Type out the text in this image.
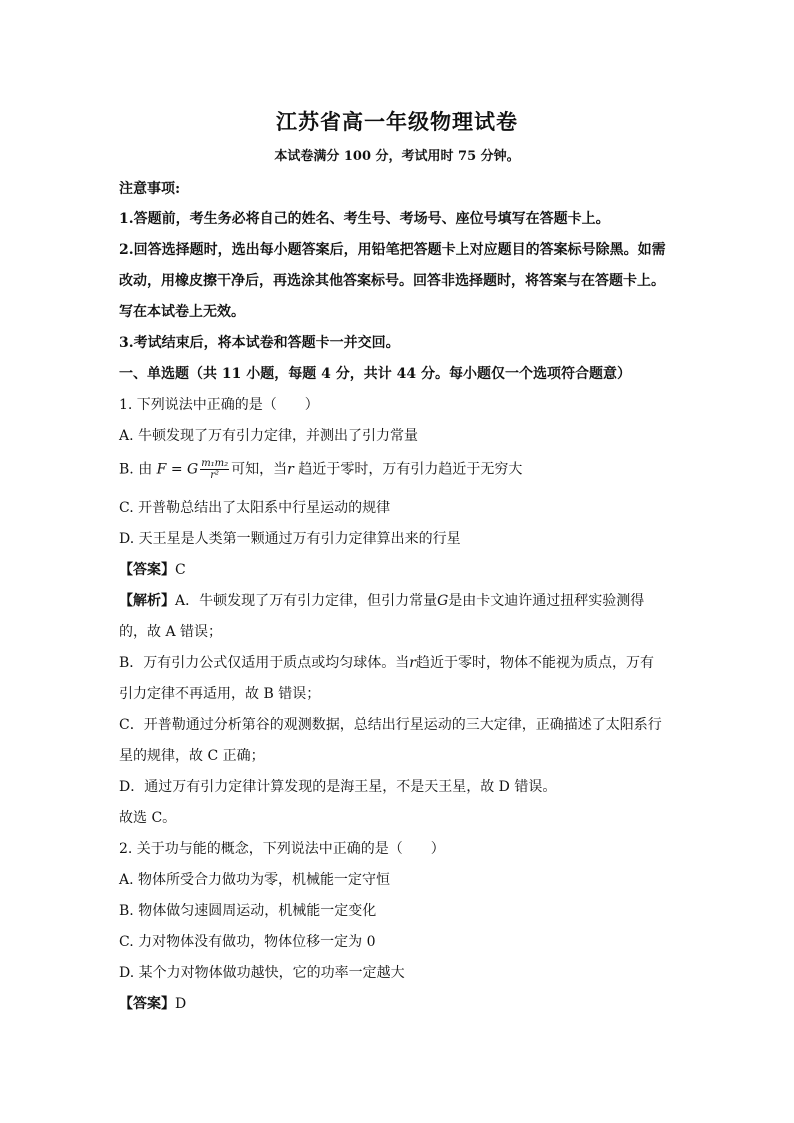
江苏省高一年级物理试卷
本试卷满分 100 分，考试用时 75 分钟。
注意事项:
1.答题前，考生务必将自己的姓名、考生号、考场号、座位号填写在答题卡上。
2.回答选择题时，选出每小题答案后，用铅笔把答题卡上对应题目的答案标号除黑。如需
改动，用橡皮擦干净后，再选涂其他答案标号。回答非选择题时，将答案与在答题卡上。
写在本试卷上无效。
3.考试结束后，将本试卷和答题卡一并交回。
一、单选题（共 11 小题，每题 4 分，共计 44 分。每小题仅一个选项符合题意）
1. 下列说法中正确的是（　　）
A. 牛顿发现了万有引力定律，并测出了引力常量
B. 由 F = G $\frac{\text{m₁m₂}}{\text{r²}}$ 可知，当r 趋近于零时，万有引力趋近于无穷大
C. 开普勒总结出了太阳系中行星运动的规律
D. 天王星是人类第一颗通过万有引力定律算出来的行星
【答案】C
【解析】A．牛顿发现了万有引力定律，但引力常量G是由卡文迪许通过扭秤实验测得
的，故 A 错误；
B．万有引力公式仅适用于质点或均匀球体。当r趋近于零时，物体不能视为质点，万有
引力定律不再适用，故 B 错误；
C．开普勒通过分析第谷的观测数据，总结出行星运动的三大定律，正确描述了太阳系行
星的规律，故 C 正确；
D．通过万有引力定律计算发现的是海王星，不是天王星，故 D 错误。
故选 C。
2. 关于功与能的概念，下列说法中正确的是（　　）
A. 物体所受合力做功为零，机械能一定守恒
B. 物体做匀速圆周运动，机械能一定变化
C. 力对物体没有做功，物体位移一定为 0
D. 某个力对物体做功越快，它的功率一定越大
【答案】D
